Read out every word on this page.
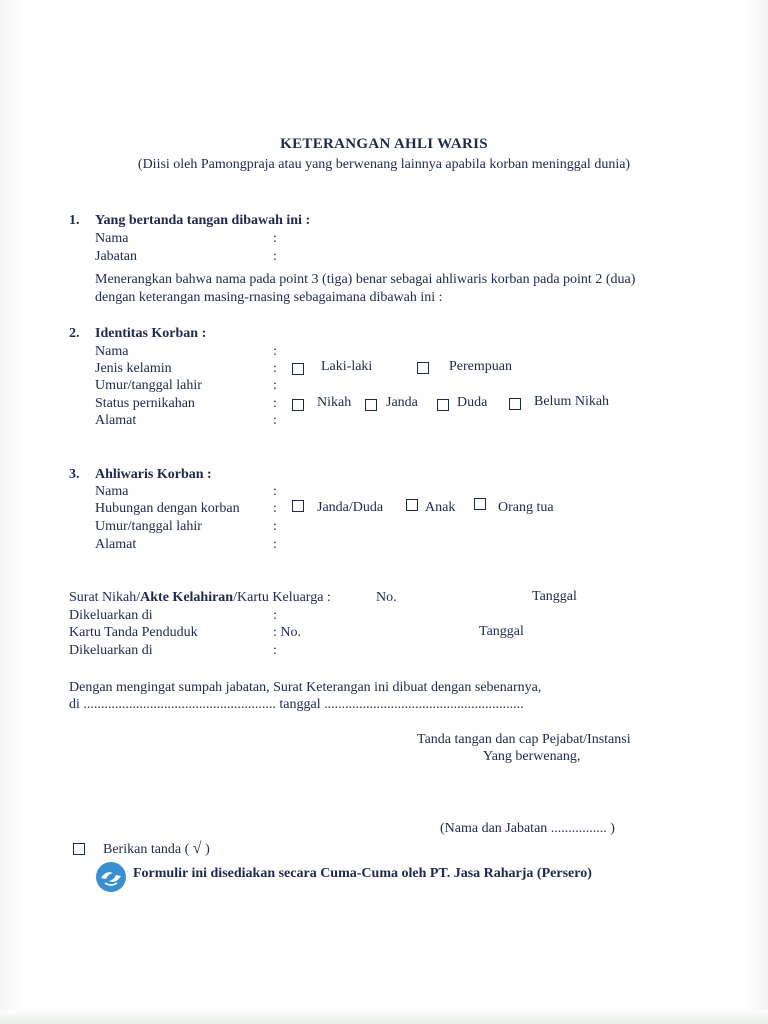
KETERANGAN AHLI WARIS
(Diisi oleh Pamongpraja atau yang berwenang lainnya apabila korban meninggal dunia)
1. Yang bertanda tangan dibawah ini :
Nama	:
Jabatan	:
Menerangkan bahwa nama pada point 3 (tiga) benar sebagai ahliwaris korban pada point 2 (dua)
dengan keterangan masing-rnasing sebagaimana dibawah ini :
2. Identitas Korban :
Nama	:
Jenis kelamin	:	Laki-laki	Perempuan
Umur/tanggal lahir	:
Status pernikahan	:	Nikah Janda	Duda	Belum Nikah
Alamat	:
3. Ahliwaris Korban :
Nama	:
Hubungan dengan korban :	Janda/Duda	Anak	Orang tua
Umur/tanggal lahir	:
Alamat	:
Surat Nikah/Akte Kelahiran/Kartu Keluarga :	No.	Tanggal
Dikeluarkan di	:
Kartu Tanda Penduduk	: No.	Tanggal
Dikeluarkan di	:
Dengan mengingat sumpah jabatan, Surat Keterangan ini dibuat dengan sebenarnya,
di ....................................................... tanggal .........................................................
Tanda tangan dan cap Pejabat/Instansi
Yang berwenang,
(Nama dan Jabatan ................ )
Berikan tanda ( √ )
Formulir ini disediakan secara Cuma-Cuma oleh PT. Jasa Raharja (Persero)
